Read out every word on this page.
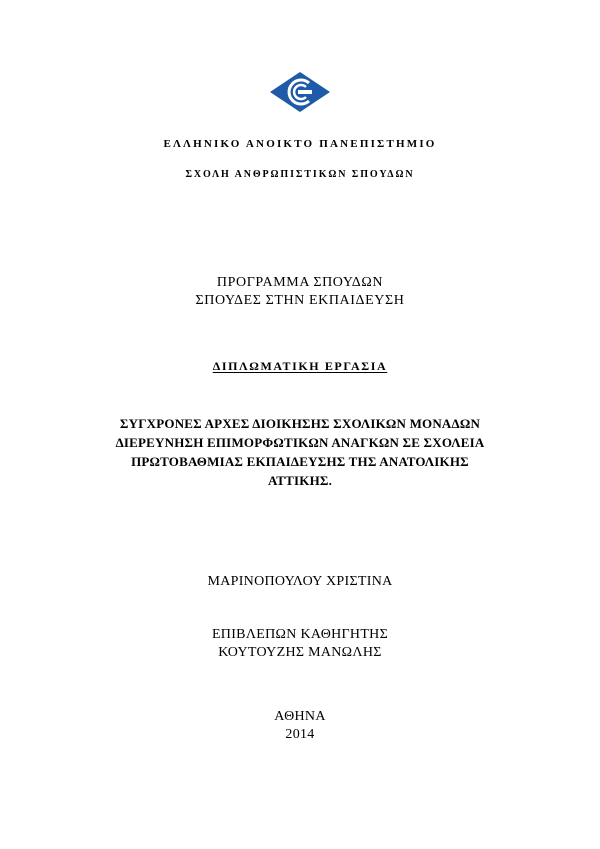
ΕΛΛΗΝΙΚΟ ΑΝΟΙΚΤΟ ΠΑΝΕΠΙΣΤΗΜΙΟ
ΣΧΟΛΗ ΑΝΘΡΩΠΙΣΤΙΚΩΝ ΣΠΟΥΔΩΝ
ΠΡΟΓΡΑΜΜΑ ΣΠΟΥΔΩΝ
ΣΠΟΥΔΕΣ ΣΤΗΝ ΕΚΠΑΙΔΕΥΣΗ
ΔΙΠΛΩΜΑΤΙΚΗ ΕΡΓΑΣΙΑ
ΣΥΓΧΡΟΝΕΣ ΑΡΧΕΣ ΔΙΟΙΚΗΣΗΣ ΣΧΟΛΙΚΩΝ ΜΟΝΑΔΩΝ
ΔΙΕΡΕΥΝΗΣΗ ΕΠΙΜΟΡΦΩΤΙΚΩΝ ΑΝΑΓΚΩΝ ΣΕ ΣΧΟΛΕΙΑ
ΠΡΩΤΟΒΑΘΜΙΑΣ ΕΚΠΑΙΔΕΥΣΗΣ ΤΗΣ ΑΝΑΤΟΛΙΚΗΣ
ΑΤΤΙΚΗΣ.
ΜΑΡΙΝΟΠΟΥΛΟΥ ΧΡΙΣΤΙΝΑ
ΕΠΙΒΛΕΠΩΝ ΚΑΘΗΓΗΤΗΣ
ΚΟΥΤΟΥΖΗΣ ΜΑΝΩΛΗΣ
ΑΘΗΝΑ
2014
